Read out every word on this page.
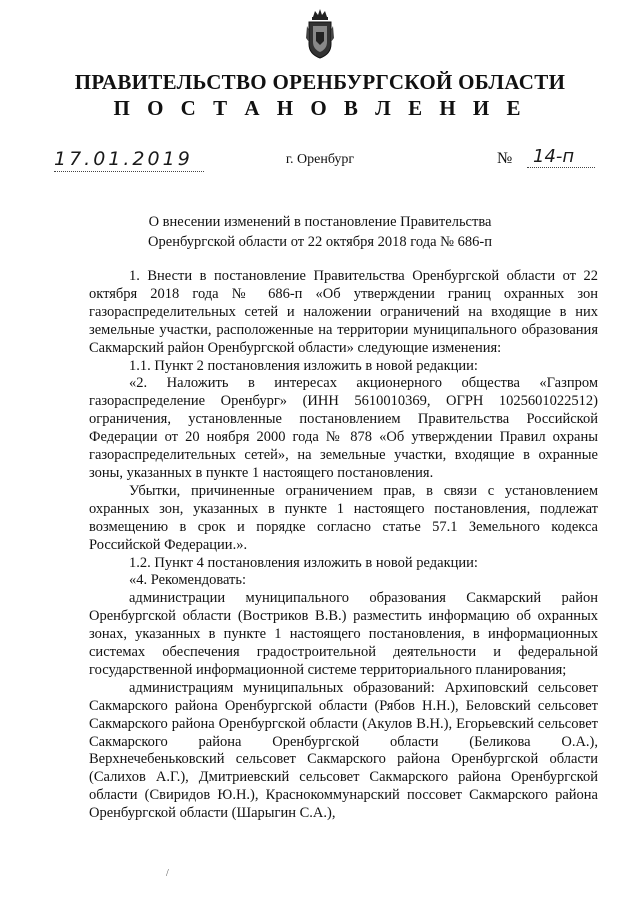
ПРАВИТЕЛЬСТВО ОРЕНБУРГСКОЙ ОБЛАСТИ
П О С Т А Н О В Л Е Н И Е
17.01.2019	г. Оренбург	№	14-п
О внесении изменений в постановление Правительства
Оренбургской области от 22 октября 2018 года № 686-п

1. Внести в постановление Правительства Оренбургской области от 22 октября 2018 года № 686-п «Об утверждении границ охранных зон газораспределительных сетей и наложении ограничений на входящие в них земельные участки, расположенные на территории муниципального образования Сакмарский район Оренбургской области» следующие изменения:

1.1. Пункт 2 постановления изложить в новой редакции:

«2. Наложить в интересах акционерного общества «Газпром газораспределение Оренбург» (ИНН 5610010369, ОГРН 1025601022512) ограничения, установленные постановлением Правительства Российской Федерации от 20 ноября 2000 года № 878 «Об утверждении Правил охраны газораспределительных сетей», на земельные участки, входящие в охранные зоны, указанных в пункте 1 настоящего постановления.

Убытки, причиненные ограничением прав, в связи с установлением охранных зон, указанных в пункте 1 настоящего постановления, подлежат возмещению в срок и порядке согласно статье 57.1 Земельного кодекса Российской Федерации.».

1.2. Пункт 4 постановления изложить в новой редакции:

«4. Рекомендовать:

администрации муниципального образования Сакмарский район Оренбургской области (Востриков В.В.) разместить информацию об охранных зонах, указанных в пункте 1 настоящего постановления, в информационных системах обеспечения градостроительной деятельности и федеральной государственной информационной системе территориального планирования;

администрациям муниципальных образований: Архиповский сельсовет Сакмарского района Оренбургской области (Рябов Н.Н.), Беловский сельсовет Сакмарского района Оренбургской области (Акулов В.Н.), Егорьевский сельсовет Сакмарского района Оренбургской области (Беликова О.А.), Верхнечебеньковский сельсовет Сакмарского района Оренбургской области (Салихов А.Г.), Дмитриевский сельсовет Сакмарского района Оренбургской области (Свиридов Ю.Н.), Краснокоммунарский поссовет Сакмарского района Оренбургской области (Шарыгин С.А.),

/
